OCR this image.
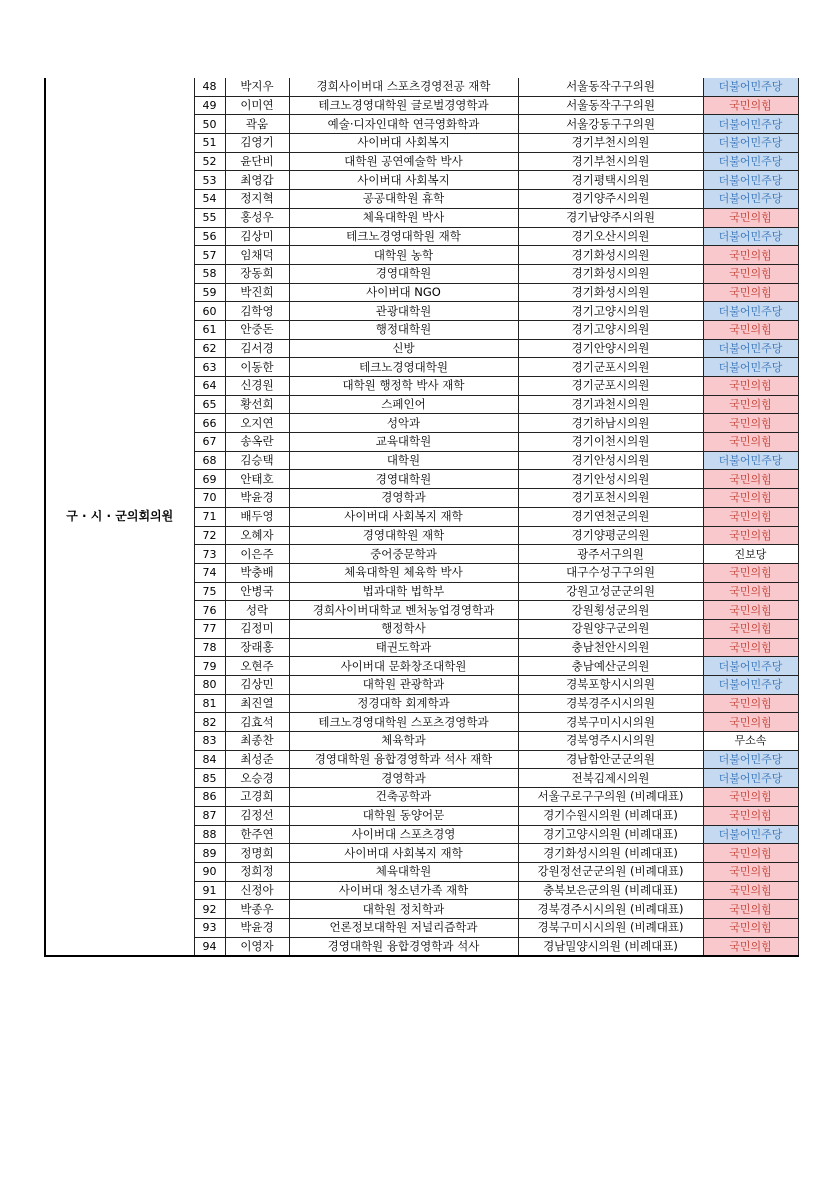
구 · 시 · 군의회의원	48	박지우	경희사이버대 스포츠경영전공 재학	서울동작구구의원	더불어민주당
	49	이미연	테크노경영대학원 글로벌경영학과	서울동작구구의원	국민의힘
	50	곽움	예술·디자인대학 연극영화학과	서울강동구구의원	더불어민주당
	51	김영기	사이버대 사회복지	경기부천시의원	더불어민주당
	52	윤단비	대학원 공연예술학 박사	경기부천시의원	더불어민주당
	53	최영갑	사이버대 사회복지	경기평택시의원	더불어민주당
	54	정지혁	공공대학원 휴학	경기양주시의원	더불어민주당
	55	홍성우	체육대학원 박사	경기남양주시의원	국민의힘
	56	김상미	테크노경영대학원 재학	경기오산시의원	더불어민주당
	57	임채덕	대학원 농학	경기화성시의원	국민의힘
	58	장동희	경영대학원	경기화성시의원	국민의힘
	59	박진희	사이버대 NGO	경기화성시의원	국민의힘
	60	김학영	관광대학원	경기고양시의원	더불어민주당
	61	안중돈	행정대학원	경기고양시의원	국민의힘
	62	김서경	신방	경기안양시의원	더불어민주당
	63	이동한	테크노경영대학원	경기군포시의원	더불어민주당
	64	신경원	대학원 행정학 박사 재학	경기군포시의원	국민의힘
	65	황선희	스페인어	경기과천시의원	국민의힘
	66	오지연	성악과	경기하남시의원	국민의힘
	67	송옥란	교육대학원	경기이천시의원	국민의힘
	68	김승택	대학원	경기안성시의원	더불어민주당
	69	안태호	경영대학원	경기안성시의원	국민의힘
	70	박윤경	경영학과	경기포천시의원	국민의힘
	71	배두영	사이버대 사회복지 재학	경기연천군의원	국민의힘
	72	오혜자	경영대학원 재학	경기양평군의원	국민의힘
	73	이은주	중어중문학과	광주서구의원	진보당
	74	박충배	체육대학원 체육학 박사	대구수성구구의원	국민의힘
	75	안병국	법과대학 법학부	강원고성군군의원	국민의힘
	76	성락	경희사이버대학교 벤처농업경영학과	강원횡성군의원	국민의힘
	77	김정미	행정학사	강원양구군의원	국민의힘
	78	장래홍	태권도학과	충남천안시의원	국민의힘
	79	오현주	사이버대 문화창조대학원	충남예산군의원	더불어민주당
	80	김상민	대학원 관광학과	경북포항시시의원	더불어민주당
	81	최진열	정경대학 회계학과	경북경주시시의원	국민의힘
	82	김효석	테크노경영대학원 스포츠경영학과	경북구미시시의원	국민의힘
	83	최종찬	체육학과	경북영주시시의원	무소속
	84	최성준	경영대학원 융합경영학과 석사 재학	경남함안군군의원	더불어민주당
	85	오승경	경영학과	전북김제시의원	더불어민주당
	86	고경희	건축공학과	서울구로구구의원 (비례대표)	국민의힘
	87	김정선	대학원 동양어문	경기수원시의원 (비례대표)	국민의힘
	88	한주연	사이버대 스포츠경영	경기고양시의원 (비례대표)	더불어민주당
	89	정명희	사이버대 사회복지 재학	경기화성시의원 (비례대표)	국민의힘
	90	정희정	체육대학원	강원정선군군의원 (비례대표)	국민의힘
	91	신정아	사이버대 청소년가족 재학	충북보은군의원 (비례대표)	국민의힘
	92	박종우	대학원 정치학과	경북경주시시의원 (비례대표)	국민의힘
	93	박윤경	언론정보대학원 저널리즘학과	경북구미시시의원 (비례대표)	국민의힘
	94	이영자	경영대학원 융합경영학과 석사	경남밀양시의원 (비례대표)	국민의힘
